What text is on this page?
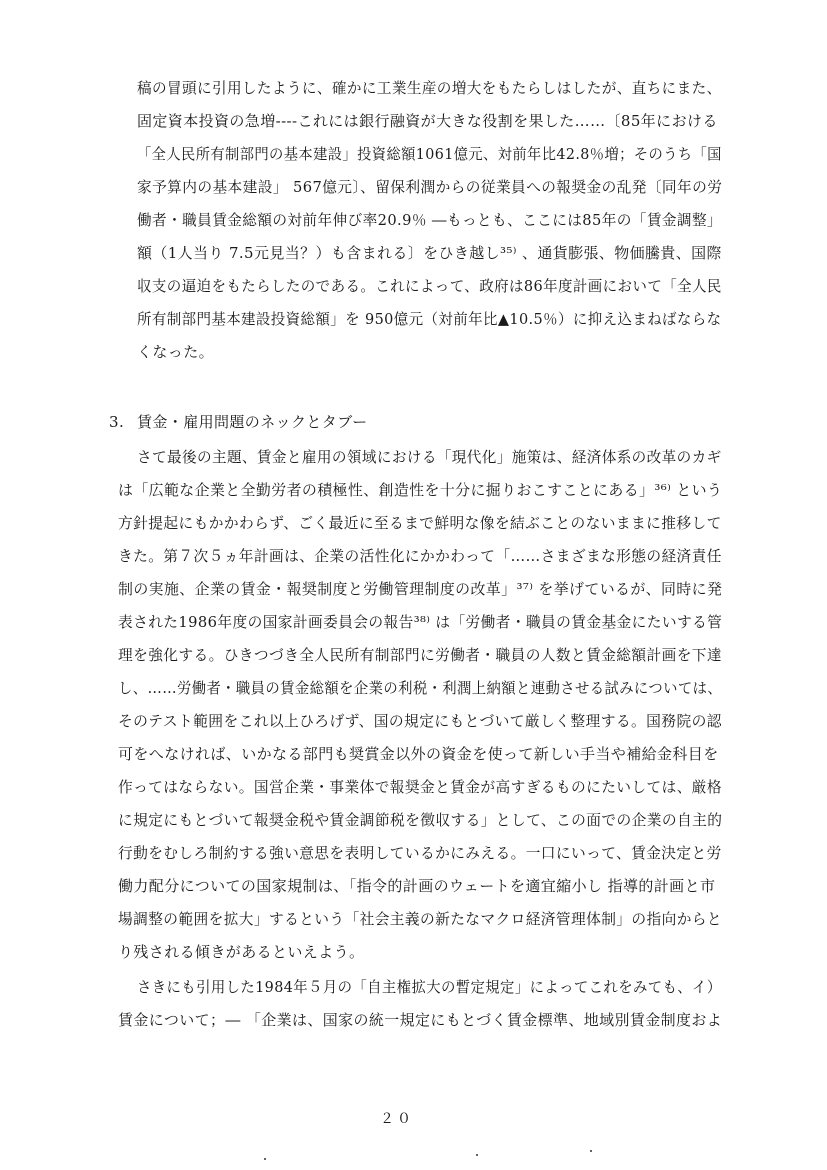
稿の冒頭に引用したように、確かに工業生産の増大をもたらしはしたが、直ちにまた、
固定資本投資の急増----これには銀行融資が大きな役割を果した……〔85年における
「全人民所有制部門の基本建設」投資総額1061億元、対前年比42.8％増；そのうち「国
家予算内の基本建設」 567億元〕、留保利潤からの従業員への報奨金の乱発〔同年の労
働者・職員賃金総額の対前年伸び率20.9％ ―もっとも、ここには85年の「賃金調整」
額（1人当り 7.5元見当？）も含まれる〕をひき越し³⁵⁾ 、通貨膨張、物価騰貴、国際
収支の逼迫をもたらしたのである。これによって、政府は86年度計画において「全人民
所有制部門基本建設投資総額」を 950億元（対前年比▲10.5％）に抑え込まねばならな
くなった。
3. 賃金・雇用問題のネックとタブー
さて最後の主題、賃金と雇用の領域における「現代化」施策は、経済体系の改革のカギ
は「広範な企業と全勤労者の積極性、創造性を十分に掘りおこすことにある」³⁶⁾ という
方針提起にもかかわらず、ごく最近に至るまで鮮明な像を結ぶことのないままに推移して
きた。第７次５ヵ年計画は、企業の活性化にかかわって「……さまざまな形態の経済責任
制の実施、企業の賃金・報奨制度と労働管理制度の改革」³⁷⁾ を挙げているが、同時に発
表された1986年度の国家計画委員会の報告³⁸⁾ は「労働者・職員の賃金基金にたいする管
理を強化する。ひきつづき全人民所有制部門に労働者・職員の人数と賃金総額計画を下達
し、……労働者・職員の賃金総額を企業の利税・利潤上納額と連動させる試みについては、
そのテスト範囲をこれ以上ひろげず、国の規定にもとづいて厳しく整理する。国務院の認
可をへなければ、いかなる部門も奨賞金以外の資金を使って新しい手当や補給金科目を
作ってはならない。国営企業・事業体で報奨金と賃金が高すぎるものにたいしては、厳格
に規定にもとづいて報奨金税や賃金調節税を徴収する」として、この面での企業の自主的
行動をむしろ制約する強い意思を表明しているかにみえる。一口にいって、賃金決定と労
働力配分についての国家規制は、「指令的計画のウェートを適宜縮小し 指導的計画と市
場調整の範囲を拡大」するという「社会主義の新たなマクロ経済管理体制」の指向からと
り残される傾きがあるといえよう。
さきにも引用した1984年５月の「自主権拡大の暫定規定」によってこれをみても、イ）
賃金について；― 「企業は、国家の統一規定にもとづく賃金標準、地域別賃金制度およ
２０
